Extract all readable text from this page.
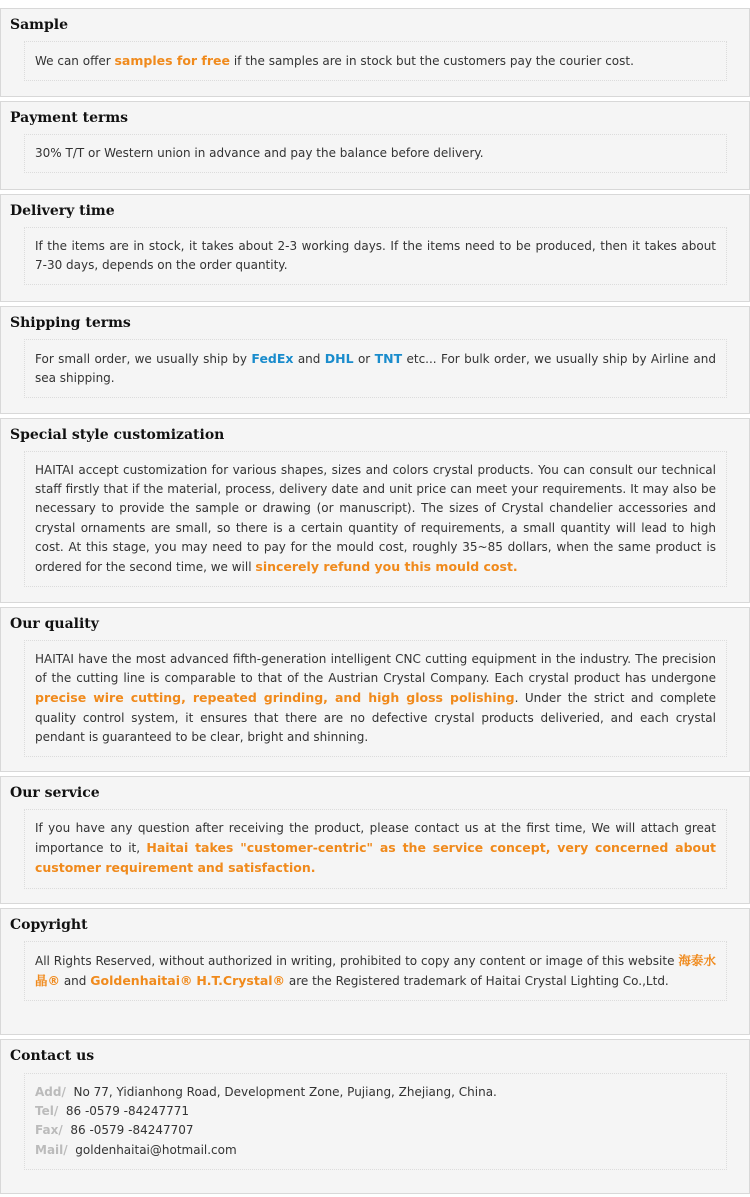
Sample
We can offer samples for free if the samples are in stock but the customers pay the courier cost.
Payment terms
30% T/T or Western union in advance and pay the balance before delivery.
Delivery time
If the items are in stock, it takes about 2-3 working days. If the items need to be produced, then it takes about 7-30 days, depends on the order quantity.
Shipping terms
For small order, we usually ship by FedEx and DHL or TNT etc... For bulk order, we usually ship by Airline and sea shipping.
Special style customization
HAITAI accept customization for various shapes, sizes and colors crystal products. You can consult our technical staff firstly that if the material, process, delivery date and unit price can meet your requirements. It may also be necessary to provide the sample or drawing (or manuscript). The sizes of Crystal chandelier accessories and crystal ornaments are small, so there is a certain quantity of requirements, a small quantity will lead to high cost. At this stage, you may need to pay for the mould cost, roughly 35~85 dollars, when the same product is ordered for the second time, we will sincerely refund you this mould cost.
Our quality
HAITAI have the most advanced fifth-generation intelligent CNC cutting equipment in the industry. The precision of the cutting line is comparable to that of the Austrian Crystal Company. Each crystal product has undergone precise wire cutting, repeated grinding, and high gloss polishing. Under the strict and complete quality control system, it ensures that there are no defective crystal products deliveried, and each crystal pendant is guaranteed to be clear, bright and shinning.
Our service
If you have any question after receiving the product, please contact us at the first time, We will attach great importance to it, Haitai takes "customer-centric" as the service concept, very concerned about customer requirement and satisfaction.
Copyright
All Rights Reserved, without authorized in writing, prohibited to copy any content or image of this website 海泰水晶® and Goldenhaitai® H.T.Crystal® are the Registered trademark of Haitai Crystal Lighting Co.,Ltd.
Contact us
Add/ No 77, Yidianhong Road, Development Zone, Pujiang, Zhejiang, China.
Tel/ 86 -0579 -84247771
Fax/ 86 -0579 -84247707
Mail/ goldenhaitai@hotmail.com
